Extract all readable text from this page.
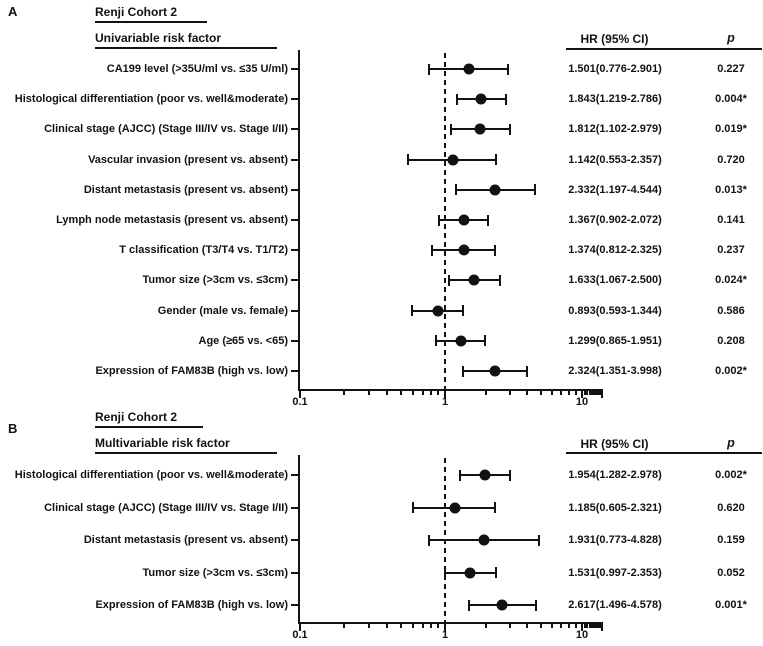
A	Renji Cohort 2
Univariable risk factor	HR (95% CI)	p
0.1	1	10
CA199 level (>35U/ml vs. ≤35 U/ml)	1.501(0.776-2.901)	0.227
Histological differentiation (poor vs. well&moderate)	1.843(1.219-2.786)	0.004*
Clinical stage (AJCC) (Stage III/IV vs. Stage I/II)	1.812(1.102-2.979)	0.019*
Vascular invasion (present vs. absent)	1.142(0.553-2.357)	0.720
Distant metastasis (present vs. absent)	2.332(1.197-4.544)	0.013*
Lymph node metastasis (present vs. absent)	1.367(0.902-2.072)	0.141
T classification (T3/T4 vs. T1/T2)	1.374(0.812-2.325)	0.237
Tumor size (>3cm vs. ≤3cm)	1.633(1.067-2.500)	0.024*
Gender (male vs. female)	0.893(0.593-1.344)	0.586
Age (≥65 vs. <65)	1.299(0.865-1.951)	0.208
Expression of FAM83B (high vs. low)	2.324(1.351-3.998)	0.002*
B
Renji Cohort 2
Multivariable risk factor	HR (95% CI)	p
0.1	1	10
Histological differentiation (poor vs. well&moderate)	1.954(1.282-2.978)	0.002*
Clinical stage (AJCC) (Stage III/IV vs. Stage I/II)	1.185(0.605-2.321)	0.620
Distant metastasis (present vs. absent)	1.931(0.773-4.828)	0.159
Tumor size (>3cm vs. ≤3cm)	1.531(0.997-2.353)	0.052
Expression of FAM83B (high vs. low)	2.617(1.496-4.578)	0.001*
